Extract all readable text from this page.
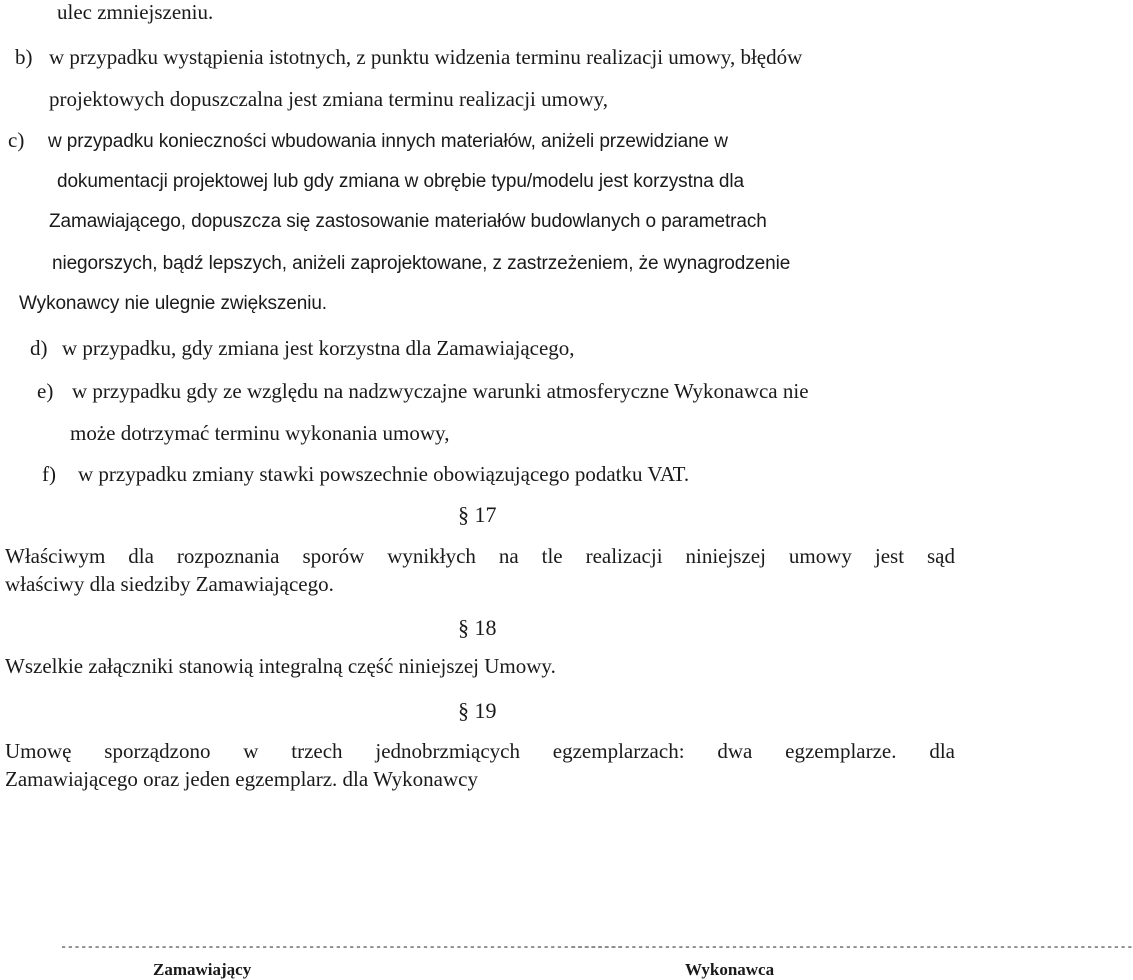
ulec zmniejszeniu.
b) w przypadku wystąpienia istotnych, z punktu widzenia terminu realizacji umowy, błędów
projektowych dopuszczalna jest zmiana terminu realizacji umowy,
c) w przypadku konieczności wbudowania innych materiałów, aniżeli przewidziane w
dokumentacji projektowej lub gdy zmiana w obrębie typu/modelu jest korzystna dla
Zamawiającego, dopuszcza się zastosowanie materiałów budowlanych o parametrach
niegorszych, bądź lepszych, aniżeli zaprojektowane, z zastrzeżeniem, że wynagrodzenie
Wykonawcy nie ulegnie zwiększeniu.
d) w przypadku, gdy zmiana jest korzystna dla Zamawiającego,
e) w przypadku gdy ze względu na nadzwyczajne warunki atmosferyczne Wykonawca nie
może dotrzymać terminu wykonania umowy,
f) w przypadku zmiany stawki powszechnie obowiązującego podatku VAT.
§ 17
Właściwym dla rozpoznania sporów wynikłych na tle realizacji niniejszej umowy jest sąd
właściwy dla siedziby Zamawiającego.
§ 18
Wszelkie załączniki stanowią integralną część niniejszej Umowy.
§ 19
Umowę sporządzono w trzech jednobrzmiących egzemplarzach: dwa egzemplarze. dla
Zamawiającego oraz jeden egzemplarz. dla Wykonawcy
------------------------------------------------------------------------------------
------------------------------------------------------------------------------------
Zamawiający	Wykonawca
